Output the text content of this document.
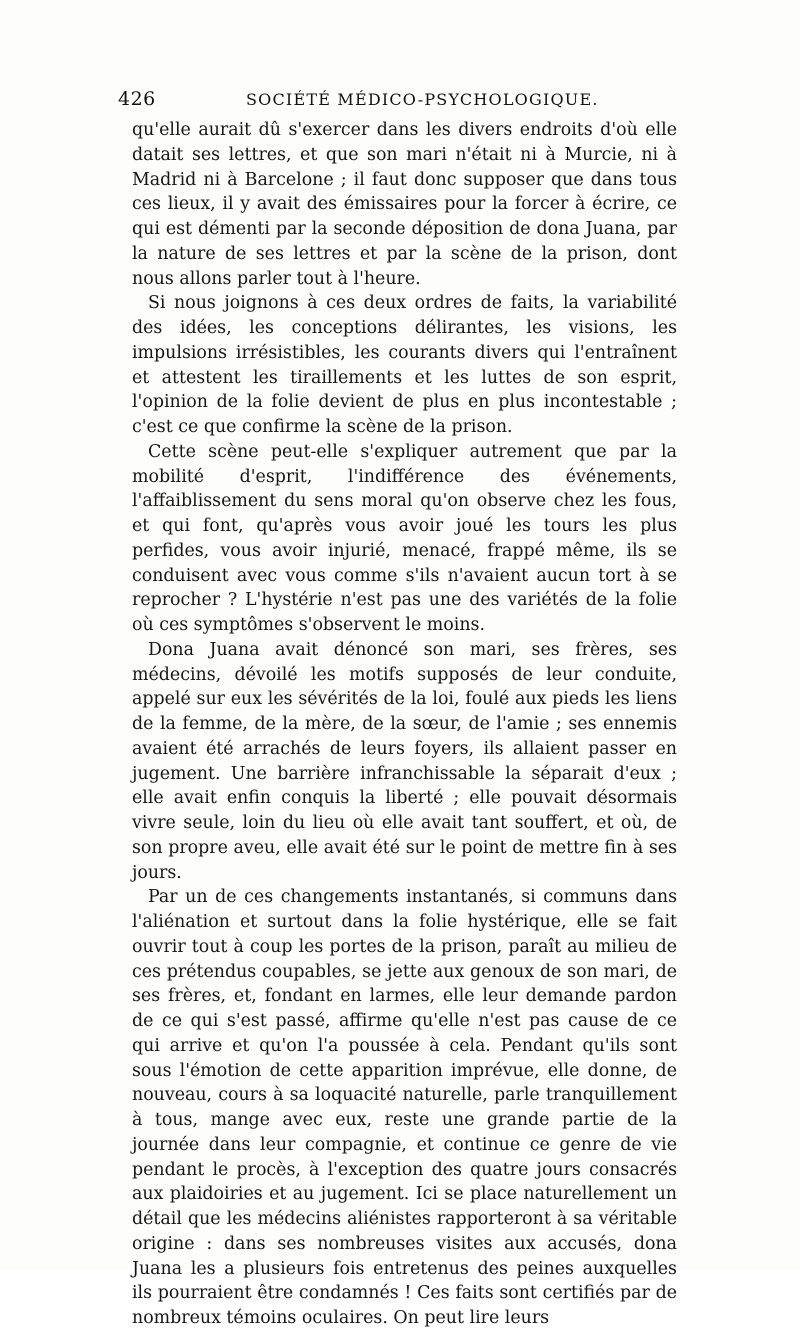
426	SOCIÉTÉ MÉDICO-PSYCHOLOGIQUE.

qu'elle aurait dû s'exercer dans les divers endroits d'où elle datait ses lettres, et que son mari n'était ni à Murcie, ni à Madrid ni à Barcelone ; il faut donc supposer que dans tous ces lieux, il y avait des émissaires pour la forcer à écrire, ce qui est démenti par la seconde déposition de dona Juana, par la nature de ses lettres et par la scène de la prison, dont nous allons parler tout à l'heure.

Si nous joignons à ces deux ordres de faits, la variabilité des idées, les conceptions délirantes, les visions, les impulsions irrésistibles, les courants divers qui l'entraînent et attestent les tiraillements et les luttes de son esprit, l'opinion de la folie devient de plus en plus incontestable ; c'est ce que confirme la scène de la prison.

Cette scène peut-elle s'expliquer autrement que par la mobilité d'esprit, l'indifférence des événements, l'affaiblissement du sens moral qu'on observe chez les fous, et qui font, qu'après vous avoir joué les tours les plus perfides, vous avoir injurié, menacé, frappé même, ils se conduisent avec vous comme s'ils n'avaient aucun tort à se reprocher ? L'hystérie n'est pas une des variétés de la folie où ces symptômes s'observent le moins.

Dona Juana avait dénoncé son mari, ses frères, ses médecins, dévoilé les motifs supposés de leur conduite, appelé sur eux les sévérités de la loi, foulé aux pieds les liens de la femme, de la mère, de la sœur, de l'amie ; ses ennemis avaient été arrachés de leurs foyers, ils allaient passer en jugement. Une barrière infranchissable la séparait d'eux ; elle avait enfin conquis la liberté ; elle pouvait désormais vivre seule, loin du lieu où elle avait tant souffert, et où, de son propre aveu, elle avait été sur le point de mettre fin à ses jours.

Par un de ces changements instantanés, si communs dans l'aliénation et surtout dans la folie hystérique, elle se fait ouvrir tout à coup les portes de la prison, paraît au milieu de ces prétendus coupables, se jette aux genoux de son mari, de ses frères, et, fondant en larmes, elle leur demande pardon de ce qui s'est passé, affirme qu'elle n'est pas cause de ce qui arrive et qu'on l'a poussée à cela. Pendant qu'ils sont sous l'émotion de cette apparition imprévue, elle donne, de nouveau, cours à sa loquacité naturelle, parle tranquillement à tous, mange avec eux, reste une grande partie de la journée dans leur compagnie, et continue ce genre de vie pendant le procès, à l'exception des quatre jours consacrés aux plaidoiries et au jugement. Ici se place naturellement un détail que les médecins aliénistes rapporteront à sa véritable origine : dans ses nombreuses visites aux accusés, dona Juana les a plusieurs fois entretenus des peines auxquelles ils pourraient être condamnés ! Ces faits sont certifiés par de nombreux témoins oculaires. On peut lire leurs
